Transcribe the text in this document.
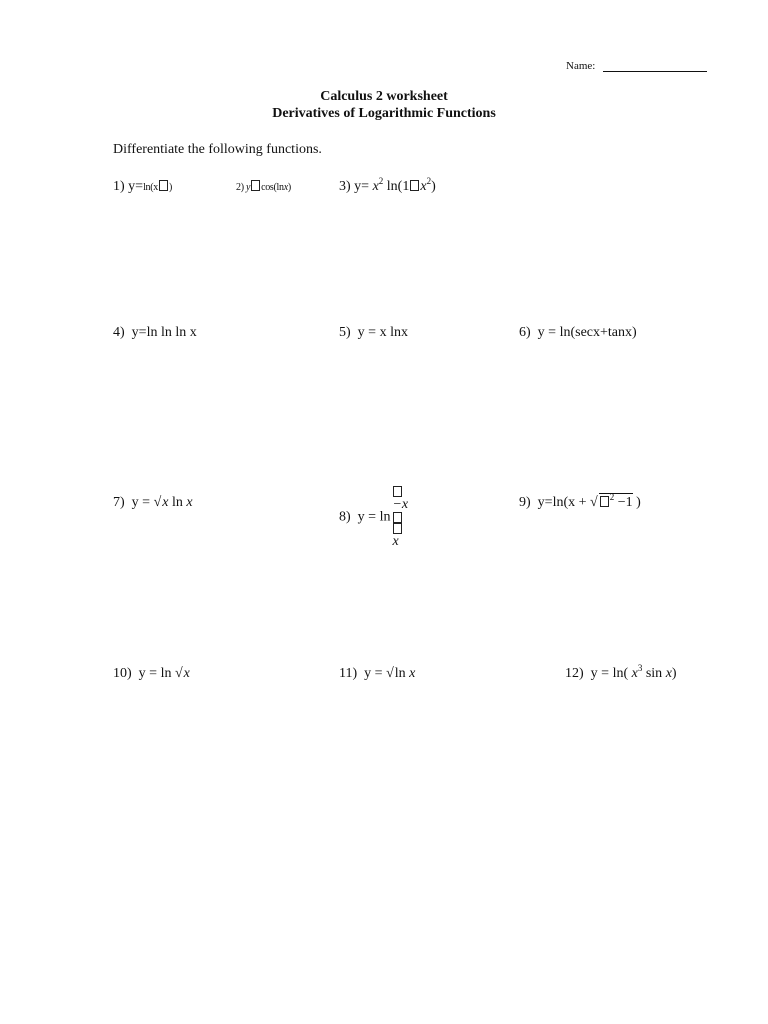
Name:
Calculus 2 worksheet
Derivatives of Logarithmic Functions
Differentiate the following functions.
1) y=ln(x )	2) y cos(lnx)	3) $y= x^2$ ln(1 $x^2$)
4) y=ln ln ln x	5) y = x lnx	6) y = ln(secx+tanx)
7) y = √x ln x
8) y = ln
−x
x
9) y=ln(x + √ $^2$ −1 )
10) y = ln √x	11) y = √ln x	12) y = ln( $x^3$ sin x)
